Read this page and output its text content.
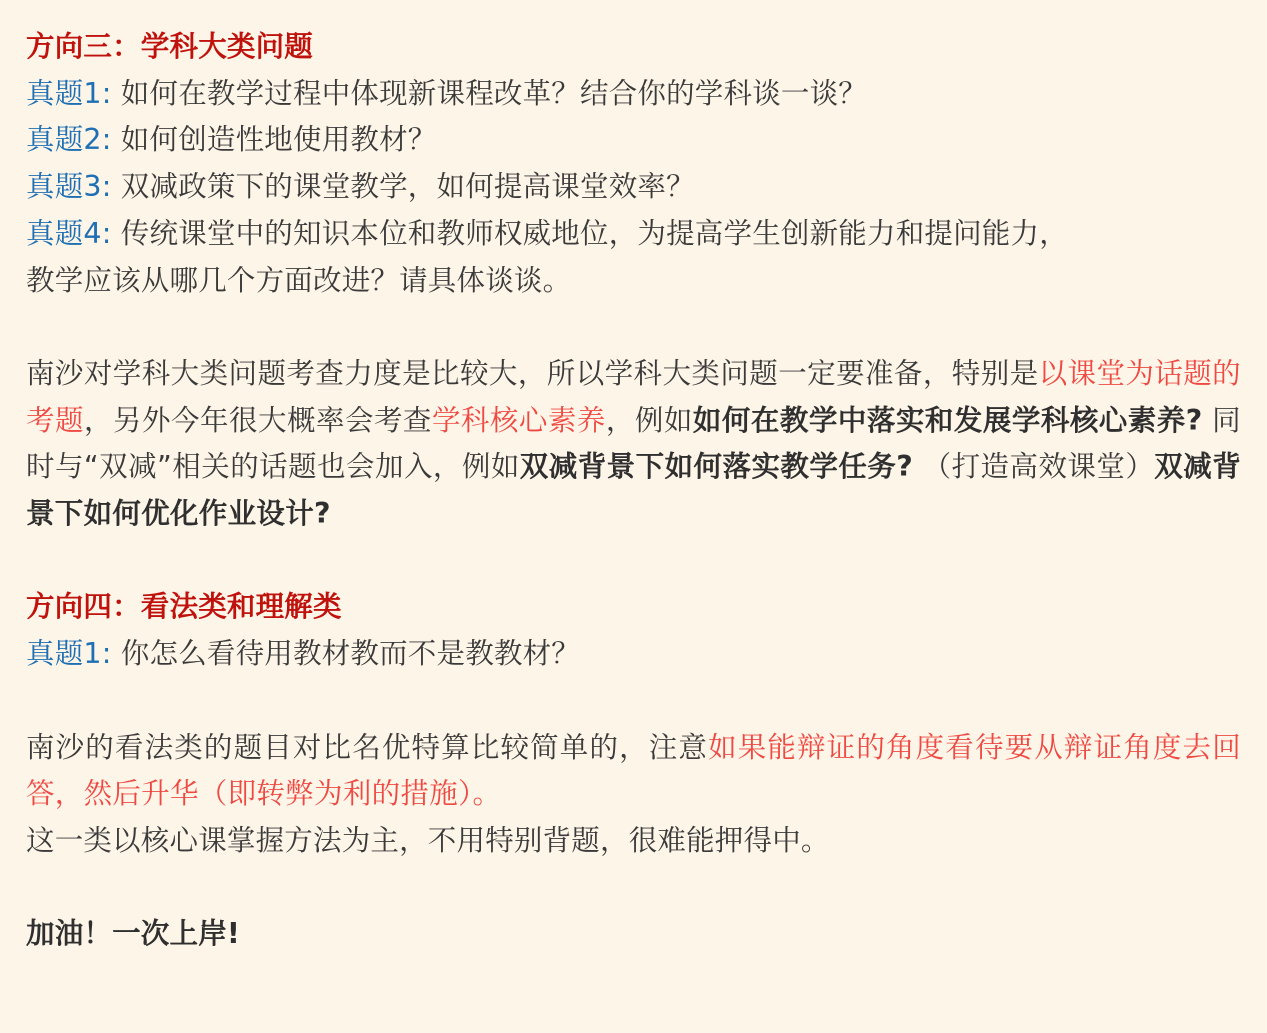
方向三：学科大类问题
真题1: 如何在教学过程中体现新课程改革？结合你的学科谈一谈？
真题2: 如何创造性地使用教材？
真题3: 双减政策下的课堂教学，如何提高课堂效率？
真题4: 传统课堂中的知识本位和教师权威地位，为提高学生创新能力和提问能力，
教学应该从哪几个方面改进？请具体谈谈。
南沙对学科大类问题考查力度是比较大，所以学科大类问题一定要准备，特别是以课堂为话题的考题，另外今年很大概率会考查学科核心素养，例如如何在教学中落实和发展学科核心素养? 同时与“双减”相关的话题也会加入，例如双减背景下如何落实教学任务? （打造高效课堂）双减背景下如何优化作业设计?
方向四：看法类和理解类
真题1: 你怎么看待用教材教而不是教教材？
南沙的看法类的题目对比名优特算比较简单的，注意如果能辩证的角度看待要从辩证角度去回答，然后升华（即转弊为利的措施）。
这一类以核心课掌握方法为主，不用特别背题，很难能押得中。
加油！一次上岸!
